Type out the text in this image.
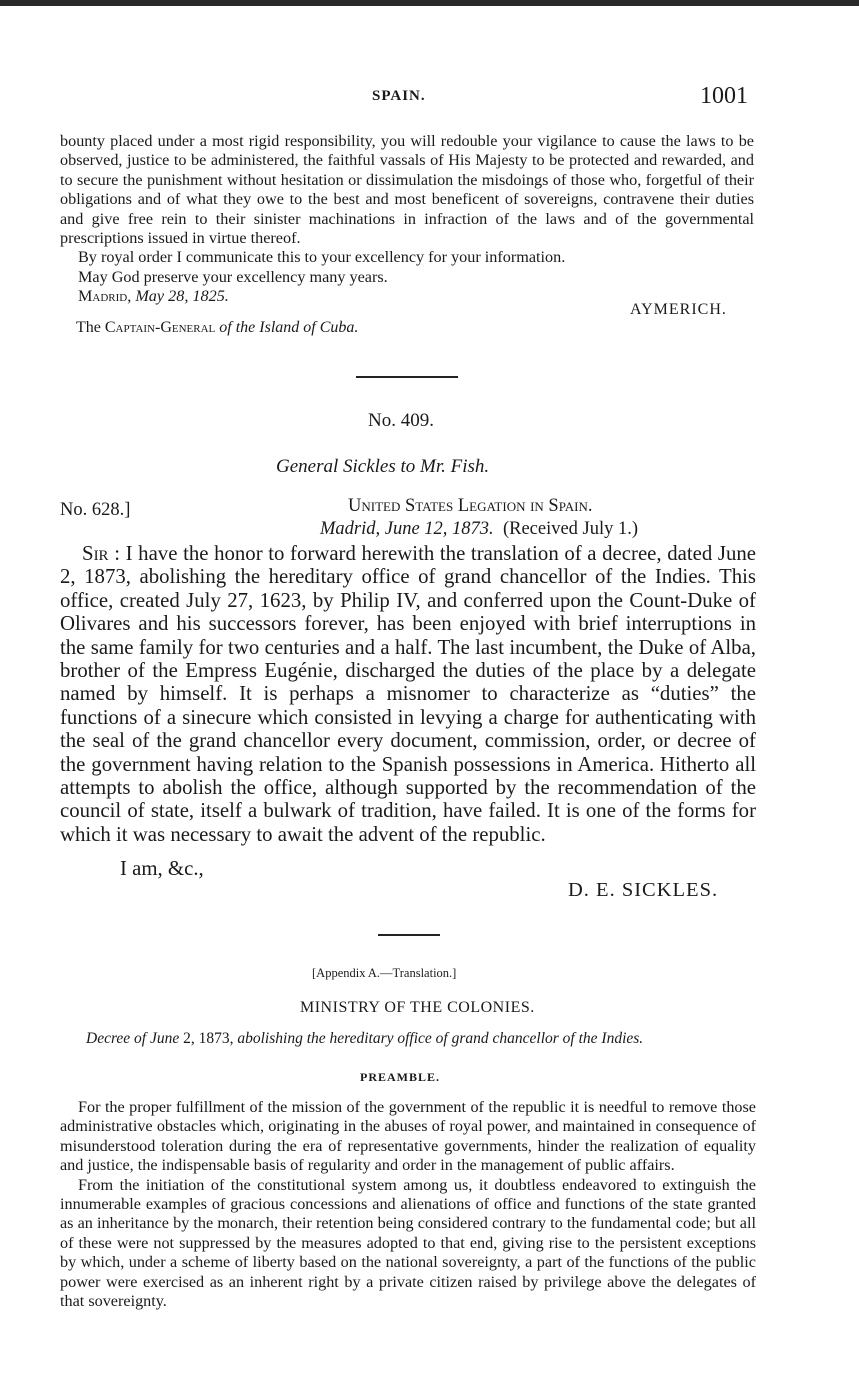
SPAIN.	1001

bounty placed under a most rigid responsibility, you will redouble your vigilance to cause the laws to be observed, justice to be administered, the faithful vassals of His Majesty to be protected and rewarded, and to secure the punishment without hesitation or dissimulation the misdoings of those who, forgetful of their obligations and of what they owe to the best and most beneficent of sovereigns, contravene their duties and give free rein to their sinister machinations in infraction of the laws and of the governmental prescriptions issued in virtue thereof.

By royal order I communicate this to your excellency for your information.

May God preserve your excellency many years.

Madrid, May 28, 1825.

AYMERICH.
The Captain-General of the Island of Cuba.
No. 409.
General Sickles to Mr. Fish.
No. 628.]	United States Legation in Spain.
Madrid, June 12, 1873. (Received July 1.)

Sir : I have the honor to forward herewith the translation of a decree, dated June 2, 1873, abolishing the hereditary office of grand chancellor of the Indies. This office, created July 27, 1623, by Philip IV, and conferred upon the Count-Duke of Olivares and his successors forever, has been enjoyed with brief interruptions in the same family for two centuries and a half. The last incumbent, the Duke of Alba, brother of the Empress Eugénie, discharged the duties of the place by a delegate named by himself. It is perhaps a misnomer to characterize as “duties” the functions of a sinecure which consisted in levying a charge for authenticating with the seal of the grand chancellor every document, commission, order, or decree of the government having relation to the Spanish possessions in America. Hitherto all attempts to abolish the office, although supported by the recommendation of the council of state, itself a bulwark of tradition, have failed. It is one of the forms for which it was necessary to await the advent of the republic.

I am, &c.,
D. E. SICKLES.
[Appendix A.—Translation.]
MINISTRY OF THE COLONIES.
Decree of June 2, 1873, abolishing the hereditary office of grand chancellor of the Indies.
PREAMBLE.

For the proper fulfillment of the mission of the government of the republic it is needful to remove those administrative obstacles which, originating in the abuses of royal power, and maintained in consequence of misunderstood toleration during the era of representative governments, hinder the realization of equality and justice, the indispensable basis of regularity and order in the management of public affairs.

From the initiation of the constitutional system among us, it doubtless endeavored to extinguish the innumerable examples of gracious concessions and alienations of office and functions of the state granted as an inheritance by the monarch, their retention being considered contrary to the fundamental code; but all of these were not suppressed by the measures adopted to that end, giving rise to the persistent exceptions by which, under a scheme of liberty based on the national sovereignty, a part of the functions of the public power were exercised as an inherent right by a private citizen raised by privilege above the delegates of that sovereignty.
